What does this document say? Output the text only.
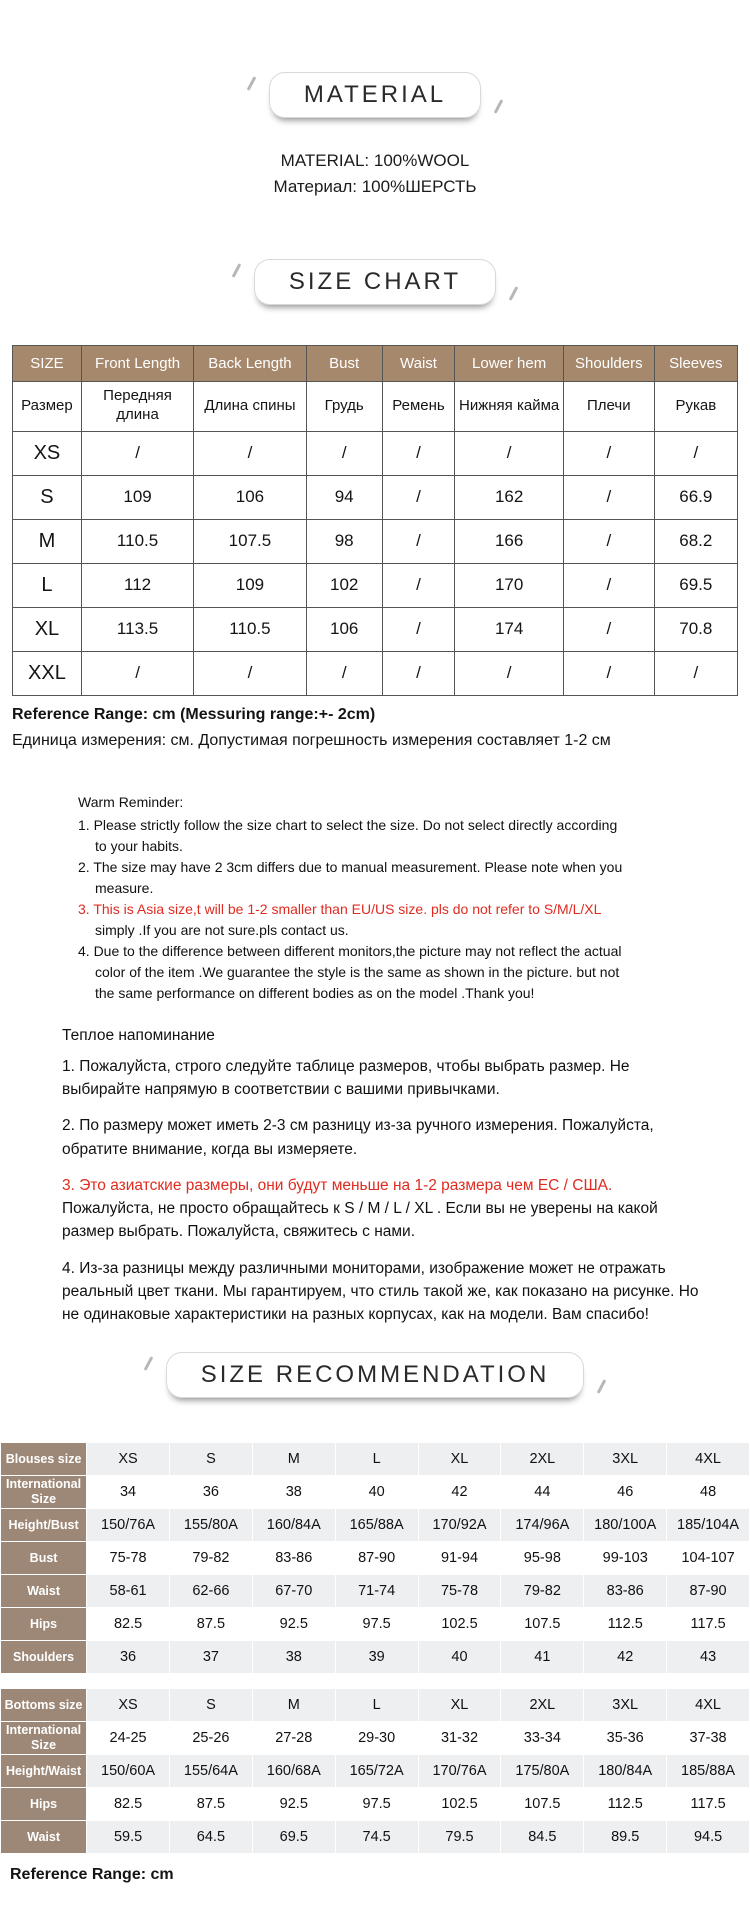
MATERIAL

MATERIAL: 100%WOOL

Материал: 100%ШЕРСТЬ

SIZE CHART
SIZE	Front Length	Back Length	Bust	Waist	Lower hem	Shoulders	Sleeves
Размер	Передняя длина	Длина спины	Грудь	Ремень	Нижняя кайма	Плечи	Рукав
XS	/	/	/	/	/	/	/
S	109	106	94	/	162	/	66.9
M	110.5	107.5	98	/	166	/	68.2
L	112	109	102	/	170	/	69.5
XL	113.5	110.5	106	/	174	/	70.8
XXL	/	/	/	/	/	/	/

Reference Range: cm (Messuring range:+- 2cm)

Единица измерения: см. Допустимая погрешность измерения составляет 1-2 см

Warm Reminder:

1. Please strictly follow the size chart to select the size. Do not select directly according to your habits.

2. The size may have 2 3cm differs due to manual measurement. Please note when you measure.

3. This is Asia size,t will be 1-2 smaller than EU/US size. pls do not refer to S/M/L/XL
simply .If you are not sure.pls contact us.

4. Due to the difference between different monitors,the picture may not reflect the actual color of the item .We guarantee the style is the same as shown in the picture. but not the same performance on different bodies as on the model .Thank you!

Теплое напоминание

1. Пожалуйста, строго следуйте таблице размеров, чтобы выбрать размер. Не выбирайте напрямую в соответствии с вашими привычками.

2. По размеру может иметь 2-3 см разницу из-за ручного измерения. Пожалуйста, обратите внимание, когда вы измеряете.

3. Это азиатские размеры, они будут меньше на 1-2 размера чем ЕС / США.
Пожалуйста, не просто обращайтесь к S / M / L / XL . Если вы не уверены на какой размер выбрать. Пожалуйста, свяжитесь с нами.

4. Из-за разницы между различными мониторами, изображение может не отражать реальный цвет ткани. Мы гарантируем, что стиль такой же, как показано на рисунке. Но не одинаковые характеристики на разных корпусах, как на модели. Вам спасибо!

SIZE RECOMMENDATION
Blouses size	XS	S	M	L	XL	2XL	3XL	4XL
International Size	34	36	38	40	42	44	46	48
Height/Bust	150/76A	155/80A	160/84A	165/88A	170/92A	174/96A	180/100A	185/104A
Bust	75-78	79-82	83-86	87-90	91-94	95-98	99-103	104-107
Waist	58-61	62-66	67-70	71-74	75-78	79-82	83-86	87-90
Hips	82.5	87.5	92.5	97.5	102.5	107.5	112.5	117.5
Shoulders	36	37	38	39	40	41	42	43
Bottoms size	XS	S	M	L	XL	2XL	3XL	4XL
International Size	24-25	25-26	27-28	29-30	31-32	33-34	35-36	37-38
Height/Waist	150/60A	155/64A	160/68A	165/72A	170/76A	175/80A	180/84A	185/88A
Hips	82.5	87.5	92.5	97.5	102.5	107.5	112.5	117.5
Waist	59.5	64.5	69.5	74.5	79.5	84.5	89.5	94.5

Reference Range: cm
